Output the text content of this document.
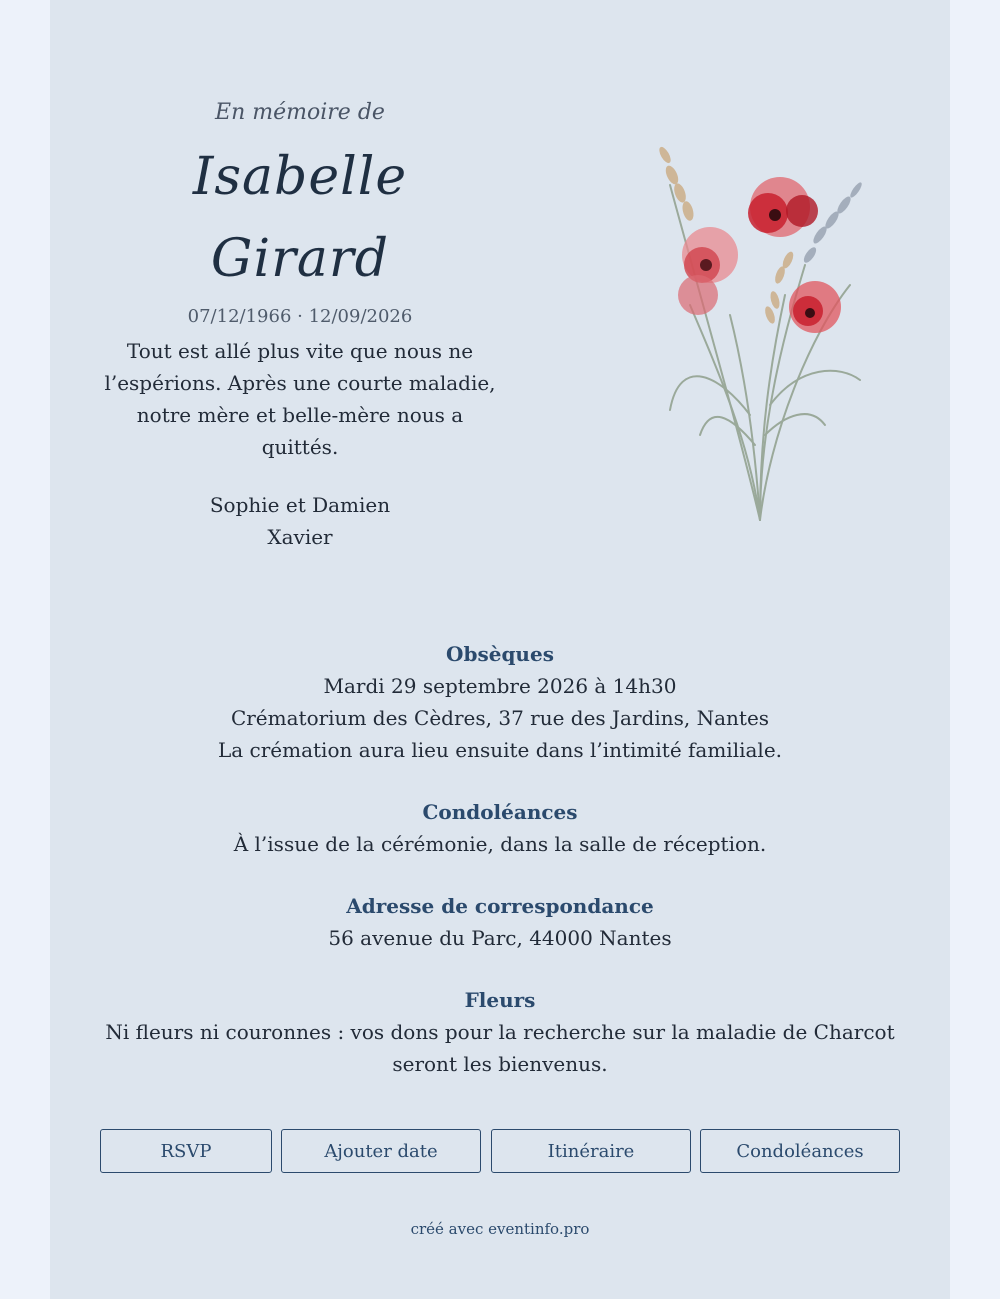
En mémoire de

Isabelle

Girard

07/12/1966 · 12/09/2026

Tout est allé plus vite que nous ne
l’espérions. Après une courte maladie,
notre mère et belle-mère nous a
quittés.

Sophie et Damien
Xavier
Obsèques

Mardi 29 septembre 2026 à 14h30

Crématorium des Cèdres, 37 rue des Jardins, Nantes

La crémation aura lieu ensuite dans l’intimité familiale.

Condoléances

À l’issue de la cérémonie, dans la salle de réception.

Adresse de correspondance

56 avenue du Parc, 44000 Nantes

Fleurs

Ni fleurs ni couronnes : vos dons pour la recherche sur la maladie de Charcot

seront les bienvenus.

RSVP	Ajouter date	Itinéraire	Condoléances
créé avec eventinfo.pro
